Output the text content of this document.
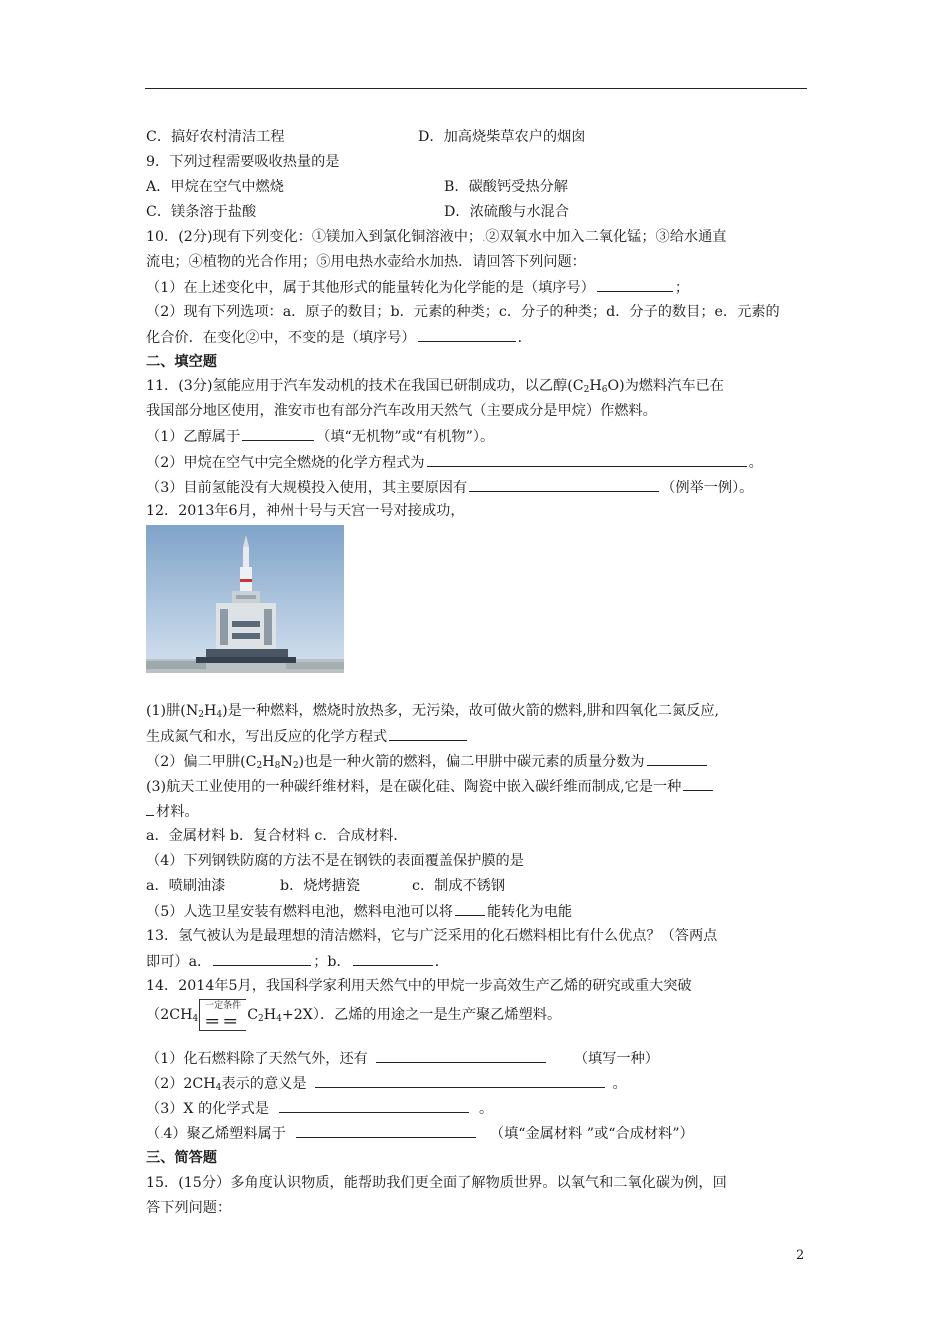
C．搞好农村清洁工程	D．加高烧柴草农户的烟囱
9．下列过程需要吸收热量的是
A．甲烷在空气中燃烧	B．碳酸钙受热分解
C．镁条溶于盐酸	D．浓硫酸与水混合
10．(2分)现有下列变化：①镁加入到氯化铜溶液中；.②双氧水中加入二氧化锰；③给水通直
流电；④植物的光合作用；⑤用电热水壶给水加热．请回答下列问题：
（1）在上述变化中，属于其他形式的能量转化为化学能的是（填序号）	；
（2）现有下列选项：a．原子的数目；b．元素的种类；c．分子的种类；d．分子的数目；e．元素的
化合价．在变化②中，不变的是（填序号）	．
二、填空题
11．(3分)氢能应用于汽车发动机的技术在我国已研制成功，以乙醇(C2H6O)为燃料汽车已在
我国部分地区使用，淮安市也有部分汽车改用天然气（主要成分是甲烷）作燃料。
（1）乙醇属于	（填“无机物”或“有机物”）。
（2）甲烷在空气中完全燃烧的化学方程式为	。
（3）目前氢能没有大规模投入使用，其主要原因有	（例举一例）。
12．2013年6月，神州十号与天宫一号对接成功，
(1)肼(N2H4)是一种燃料，燃烧时放热多，无污染，故可做火箭的燃料,肼和四氧化二氮反应,
生成氮气和水，写出反应的化学方程式
（2）偏二甲肼(C2H8N2)也是一种火箭的燃料，偏二甲肼中碳元素的质量分数为
(3)航天工业使用的一种碳纤维材料，是在碳化硅、陶瓷中嵌入碳纤维而制成,它是一种
材料。
a．金属材料 b．复合材料 c．合成材料．
（4）下列钢铁防腐的方法不是在钢铁的表面覆盖保护膜的是
a．喷刷油漆	b．烧烤搪瓷	c．制成不锈钢
（5）人选卫星安装有燃料电池，燃料电池可以将 能转化为电能
13．氢气被认为是最理想的清洁燃料，它与广泛采用的化石燃料相比有什么优点？（答两点
即可）a．	；b．	．
14．2014年5月，我国科学家利用天然气中的甲烷一步高效生产乙烯的研究或重大突破
（2CH4
一定条件
＝＝ C2H4+2X）．乙烯的用途之一是生产聚乙烯塑料。
（1）化石燃料除了天然气外，还有	（填写一种）
（2）2CH4表示的意义是	。
（3）X 的化学式是	。
（.4）聚乙烯塑料属于	（填“金属材料 ”或“合成材料”）
三、简答题
15．(15分）多角度认识物质，能帮助我们更全面了解物质世界。以氧气和二氧化碳为例，回
答下列问题：
2
